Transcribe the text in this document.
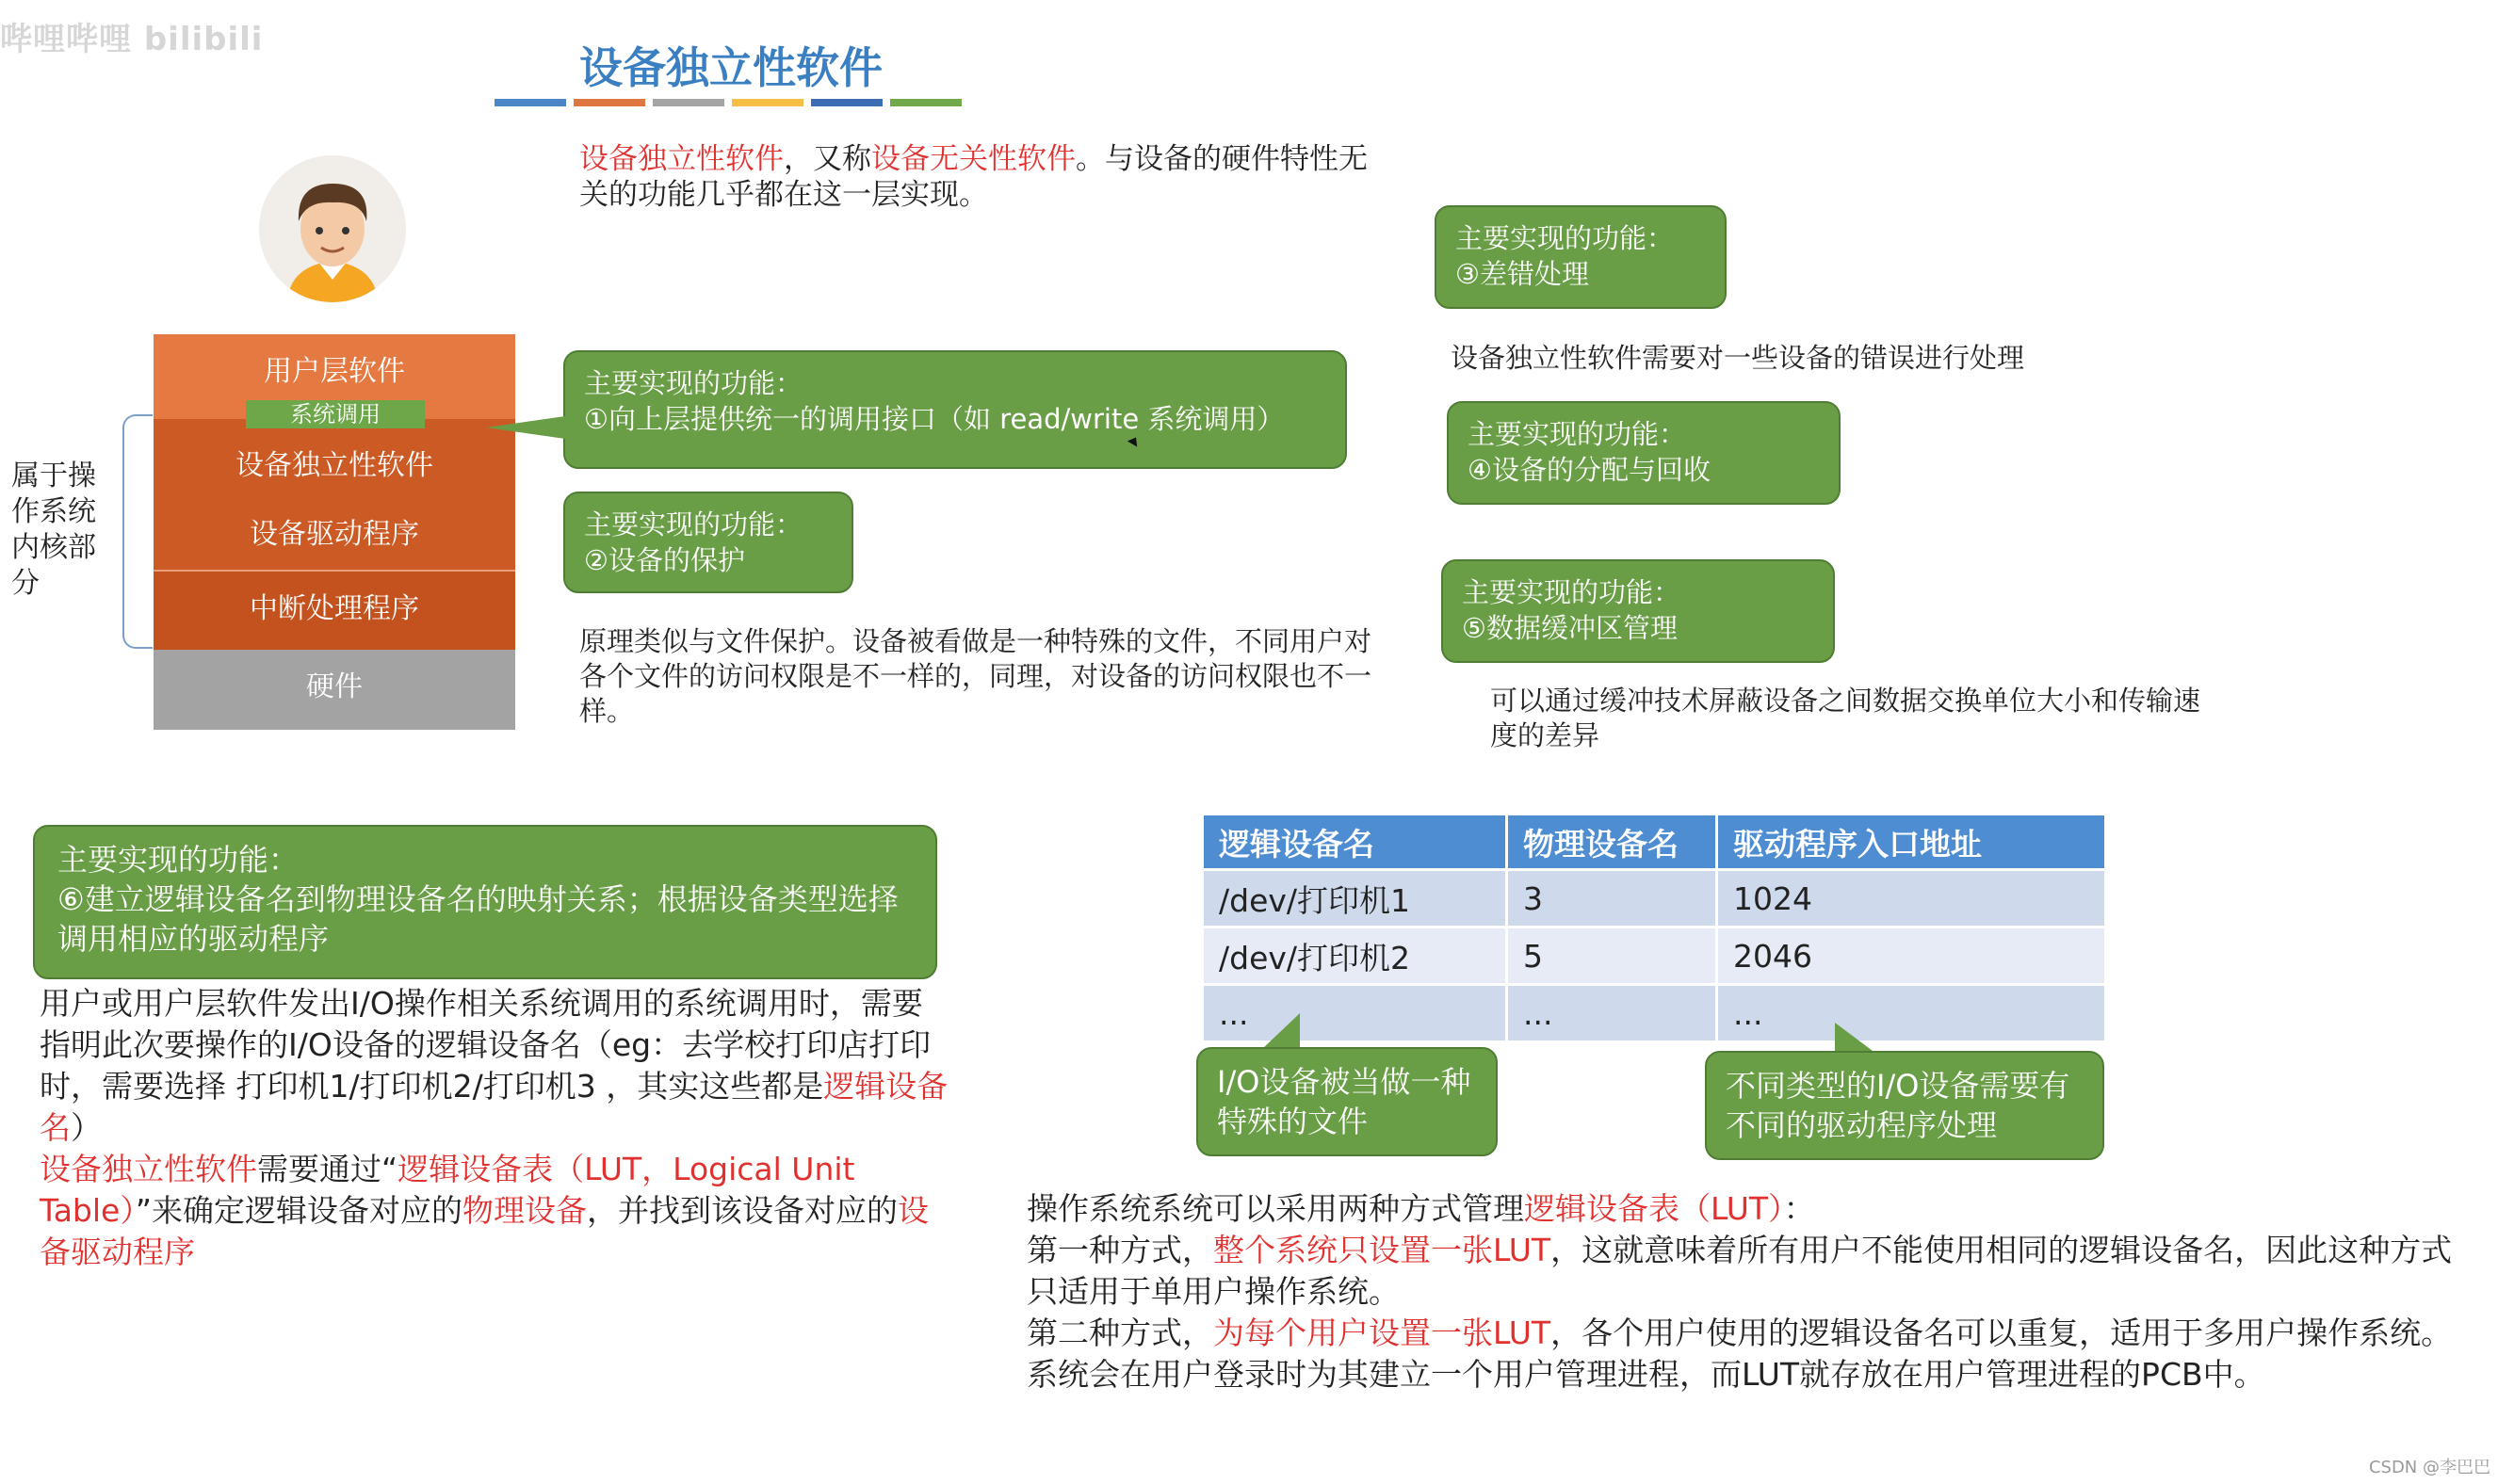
哔哩哔哩 bilibili
设备独立性软件
设备独立性软件，又称设备无关性软件。与设备的硬件特性无关的功能几乎都在这一层实现。
用户层软件
设备独立性软件
设备驱动程序
中断处理程序
硬件
系统调用
属于操作系统内核部分
主要实现的功能：
①向上层提供统一的调用接口（如 read/write 系统调用）
主要实现的功能：
②设备的保护
原理类似与文件保护。设备被看做是一种特殊的文件，不同用户对各个文件的访问权限是不一样的，同理，对设备的访问权限也不一样。
主要实现的功能：
③差错处理
设备独立性软件需要对一些设备的错误进行处理
主要实现的功能：
④设备的分配与回收
主要实现的功能：
⑤数据缓冲区管理
可以通过缓冲技术屏蔽设备之间数据交换单位大小和传输速度的差异
主要实现的功能：
⑥建立逻辑设备名到物理设备名的映射关系；根据设备类型选择调用相应的驱动程序
用户或用户层软件发出I/O操作相关系统调用的系统调用时，需要指明此次要操作的I/O设备的逻辑设备名（eg：去学校打印店打印时，需要选择 打印机1/打印机2/打印机3 ，其实这些都是逻辑设备名）
设备独立性软件需要通过“逻辑设备表（LUT，Logical Unit Table）”来确定逻辑设备对应的物理设备，并找到该设备对应的设备驱动程序
逻辑设备名	物理设备名	驱动程序入口地址
/dev/打印机1	3	1024
/dev/打印机2	5	2046
...	...	...
I/O设备被当做一种特殊的文件
不同类型的I/O设备需要有不同的驱动程序处理
操作系统系统可以采用两种方式管理逻辑设备表（LUT）：
第一种方式，整个系统只设置一张LUT，这就意味着所有用户不能使用相同的逻辑设备名，因此这种方式只适用于单用户操作系统。
第二种方式，为每个用户设置一张LUT，各个用户使用的逻辑设备名可以重复，适用于多用户操作系统。系统会在用户登录时为其建立一个用户管理进程，而LUT就存放在用户管理进程的PCB中。
CSDN @李巴巴
